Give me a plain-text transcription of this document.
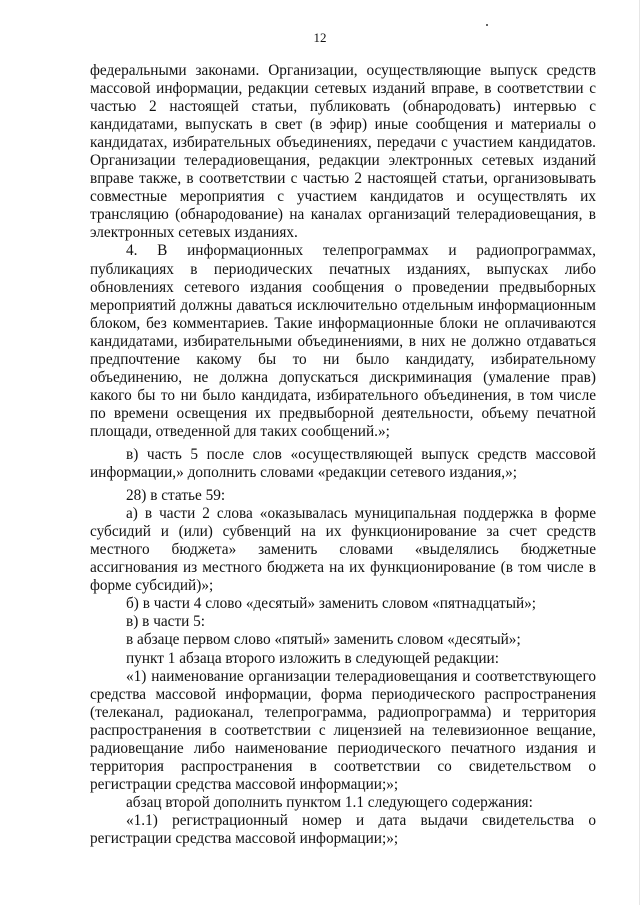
12

федеральными законами. Организации, осуществляющие выпуск средств массовой информации, редакции сетевых изданий вправе, в соответствии с частью 2 настоящей статьи, публиковать (обнародовать) интервью с кандидатами, выпускать в свет (в эфир) иные сообщения и материалы о кандидатах, избирательных объединениях, передачи с участием кандидатов. Организации телерадиовещания, редакции электронных сетевых изданий вправе также, в соответствии с частью 2 настоящей статьи, организовывать совместные мероприятия с участием кандидатов и осуществлять их трансляцию (обнародование) на каналах организаций телерадиовещания, в электронных сетевых изданиях.

4. В информационных телепрограммах и радиопрограммах, публикациях в периодических печатных изданиях, выпусках либо обновлениях сетевого издания сообщения о проведении предвыборных мероприятий должны даваться исключительно отдельным информационным блоком, без комментариев. Такие информационные блоки не оплачиваются кандидатами, избирательными объединениями, в них не должно отдаваться предпочтение какому бы то ни было кандидату, избирательному объединению, не должна допускаться дискриминация (умаление прав) какого бы то ни было кандидата, избирательного объединения, в том числе по времени освещения их предвыборной деятельности, объему печатной площади, отведенной для таких сообщений.»;

в) часть 5 после слов «осуществляющей выпуск средств массовой информации,» дополнить словами «редакции сетевого издания,»;

28) в статье 59:

а) в части 2 слова «оказывалась муниципальная поддержка в форме субсидий и (или) субвенций на их функционирование за счет средств местного бюджета» заменить словами «выделялись бюджетные ассигнования из местного бюджета на их функционирование (в том числе в форме субсидий)»;

б) в части 4 слово «десятый» заменить словом «пятнадцатый»;

в) в части 5:

в абзаце первом слово «пятый» заменить словом «десятый»;

пункт 1 абзаца второго изложить в следующей редакции:

«1) наименование организации телерадиовещания и соответствующего средства массовой информации, форма периодического распространения (телеканал, радиоканал, телепрограмма, радиопрограмма) и территория распространения в соответствии с лицензией на телевизионное вещание, радиовещание либо наименование периодического печатного издания и территория распространения в соответствии со свидетельством о регистрации средства массовой информации;»;

абзац второй дополнить пунктом 1.1 следующего содержания:

«1.1) регистрационный номер и дата выдачи свидетельства о регистрации средства массовой информации;»;
